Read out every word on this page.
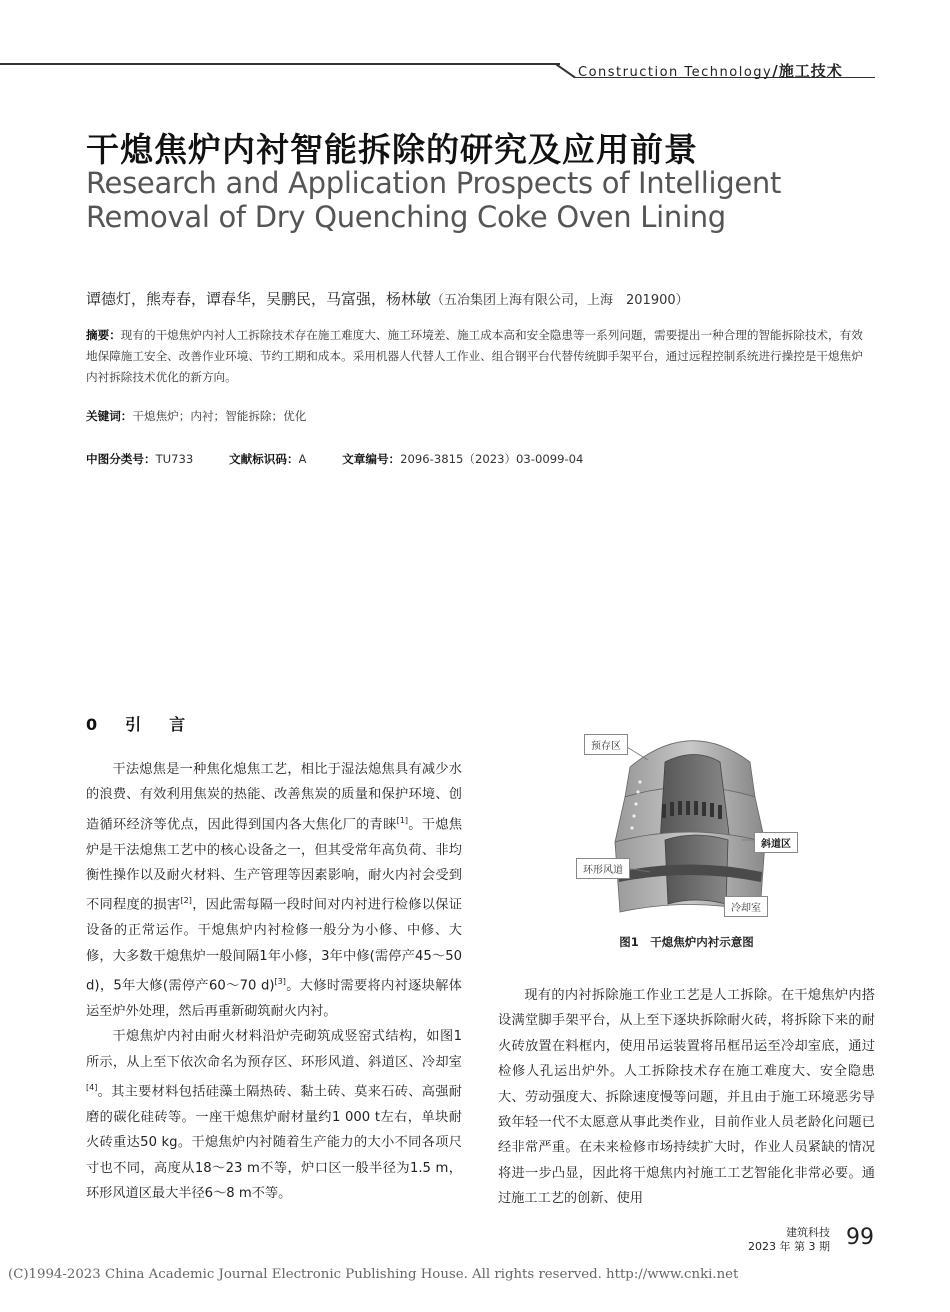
Construction Technology/施工技术
干熄焦炉内衬智能拆除的研究及应用前景
Research and Application Prospects of Intelligent Removal of Dry Quenching Coke Oven Lining
谭德灯，熊寿春，谭春华，吴鹏民，马富强，杨林敏（五冶集团上海有限公司，上海　201900）
摘要：现有的干熄焦炉内衬人工拆除技术存在施工难度大、施工环境差、施工成本高和安全隐患等一系列问题，需要提出一种合理的智能拆除技术，有效地保障施工安全、改善作业环境、节约工期和成本。采用机器人代替人工作业、组合钢平台代替传统脚手架平台，通过远程控制系统进行操控是干熄焦炉内衬拆除技术优化的新方向。
关键词：干熄焦炉；内衬；智能拆除；优化
中图分类号：TU733	文献标识码：A	文章编号：2096-3815（2023）03-0099-04
0　引　言

干法熄焦是一种焦化熄焦工艺，相比于湿法熄焦具有减少水的浪费、有效利用焦炭的热能、改善焦炭的质量和保护环境、创造循环经济等优点，因此得到国内各大焦化厂的青睐[1]。干熄焦炉是干法熄焦工艺中的核心设备之一，但其受常年高负荷、非均衡性操作以及耐火材料、生产管理等因素影响，耐火内衬会受到不同程度的损害[2]，因此需每隔一段时间对内衬进行检修以保证设备的正常运作。干熄焦炉内衬检修一般分为小修、中修、大修，大多数干熄焦炉一般间隔1年小修，3年中修(需停产45～50 d)，5年大修(需停产60～70 d)[3]。大修时需要将内衬逐块解体运至炉外处理，然后再重新砌筑耐火内衬。

干熄焦炉内衬由耐火材料沿炉壳砌筑成竖窑式结构，如图1所示，从上至下依次命名为预存区、环形风道、斜道区、冷却室[4]。其主要材料包括硅藻土隔热砖、黏土砖、莫来石砖、高强耐磨的碳化硅砖等。一座干熄焦炉耐材量约1 000 t左右，单块耐火砖重达50 kg。干熄焦炉内衬随着生产能力的大小不同各项尺寸也不同，高度从18～23 m不等，炉口区一般半径为1.5 m，环形风道区最大半径6～8 m不等。

预存区
环形风道
斜道区
冷却室
图1　干熄焦炉内衬示意图

现有的内衬拆除施工作业工艺是人工拆除。在干熄焦炉内搭设满堂脚手架平台，从上至下逐块拆除耐火砖，将拆除下来的耐火砖放置在料框内，使用吊运装置将吊框吊运至冷却室底，通过检修人孔运出炉外。人工拆除技术存在施工难度大、安全隐患大、劳动强度大、拆除速度慢等问题，并且由于施工环境恶劣导致年轻一代不太愿意从事此类作业，目前作业人员老龄化问题已经非常严重。在未来检修市场持续扩大时，作业人员紧缺的情况将进一步凸显，因此将干熄焦内衬施工工艺智能化非常必要。通过施工工艺的创新、使用

建筑科技
2023 年 第 3 期 99
(C)1994-2023 China Academic Journal Electronic Publishing House. All rights reserved. http://www.cnki.net
